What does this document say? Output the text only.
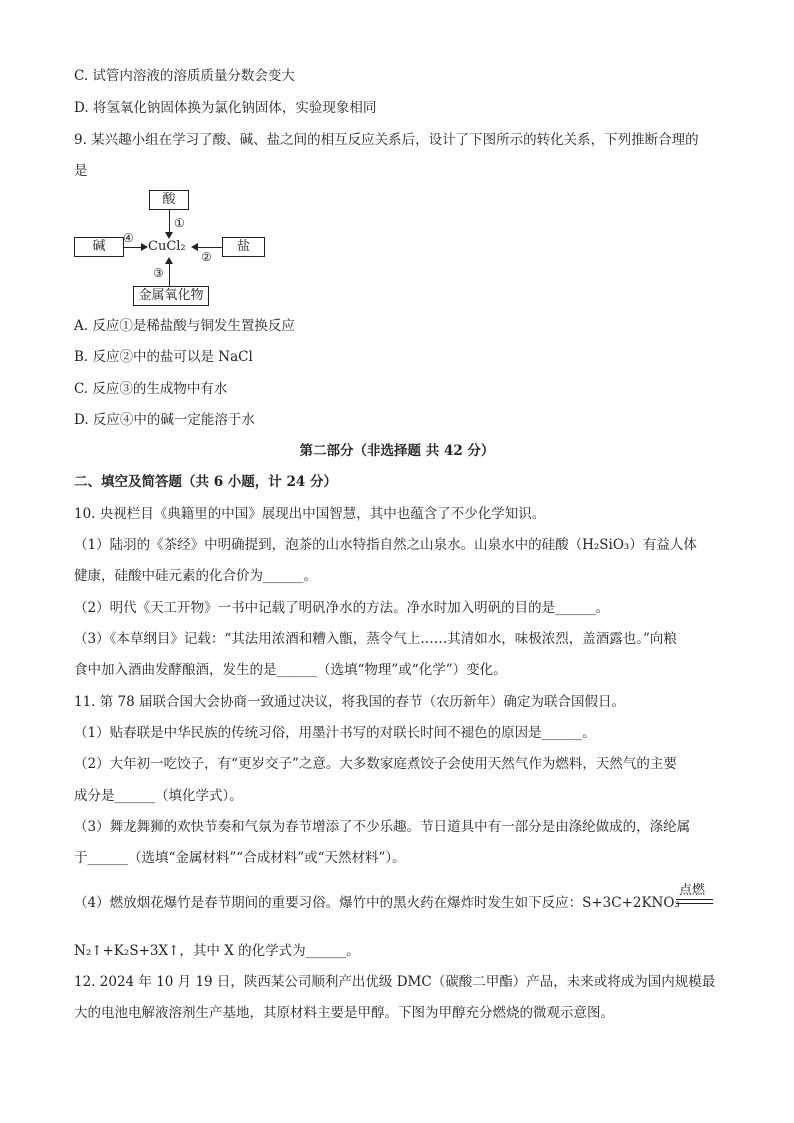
C. 试管内溶液的溶质质量分数会变大
D. 将氢氧化钠固体换为氯化钠固体，实验现象相同
9. 某兴趣小组在学习了酸、碱、盐之间的相互反应关系后，设计了下图所示的转化关系，下列推断合理的
是
酸
①
碱
④
CuCl₂	盐
②
③
金属氧化物
A. 反应①是稀盐酸与铜发生置换反应
B. 反应②中的盐可以是 NaCl
C. 反应③的生成物中有水
D. 反应④中的碱一定能溶于水
第二部分（非选择题 共 42 分）
二、填空及简答题（共 6 小题，计 24 分）
10. 央视栏目《典籍里的中国》展现出中国智慧，其中也蕴含了不少化学知识。
（1）陆羽的《茶经》中明确提到，泡茶的山水特指自然之山泉水。山泉水中的硅酸（H₂SiO₃）有益人体
健康，硅酸中硅元素的化合价为______。
（2）明代《天工开物》一书中记载了明矾净水的方法。净水时加入明矾的目的是______。
（3）《本草纲目》记载：“其法用浓酒和糟入甑，蒸令气上……其清如水，味极浓烈，盖酒露也。”向粮
食中加入酒曲发酵酿酒，发生的是______（选填“物理”或“化学”）变化。
11. 第 78 届联合国大会协商一致通过决议，将我国的春节（农历新年）确定为联合国假日。
（1）贴春联是中华民族的传统习俗，用墨汁书写的对联长时间不褪色的原因是______。
（2）大年初一吃饺子，有“更岁交子”之意。大多数家庭煮饺子会使用天然气作为燃料，天然气的主要
成分是______（填化学式）。
（3）舞龙舞狮的欢快节奏和气氛为春节增添了不少乐趣。节日道具中有一部分是由涤纶做成的，涤纶属
于______（选填“金属材料”“合成材料”或“天然材料”）。
（4）燃放烟花爆竹是春节期间的重要习俗。爆竹中的黑火药在爆炸时发生如下反应：S+3C+2KNO₃
点燃
N₂↑+K₂S+3X↑，其中 X 的化学式为______。
12. 2024 年 10 月 19 日，陕西某公司顺利产出优级 DMC（碳酸二甲酯）产品，未来或将成为国内规模最
大的电池电解液溶剂生产基地，其原材料主要是甲醇。下图为甲醇充分燃烧的微观示意图。
